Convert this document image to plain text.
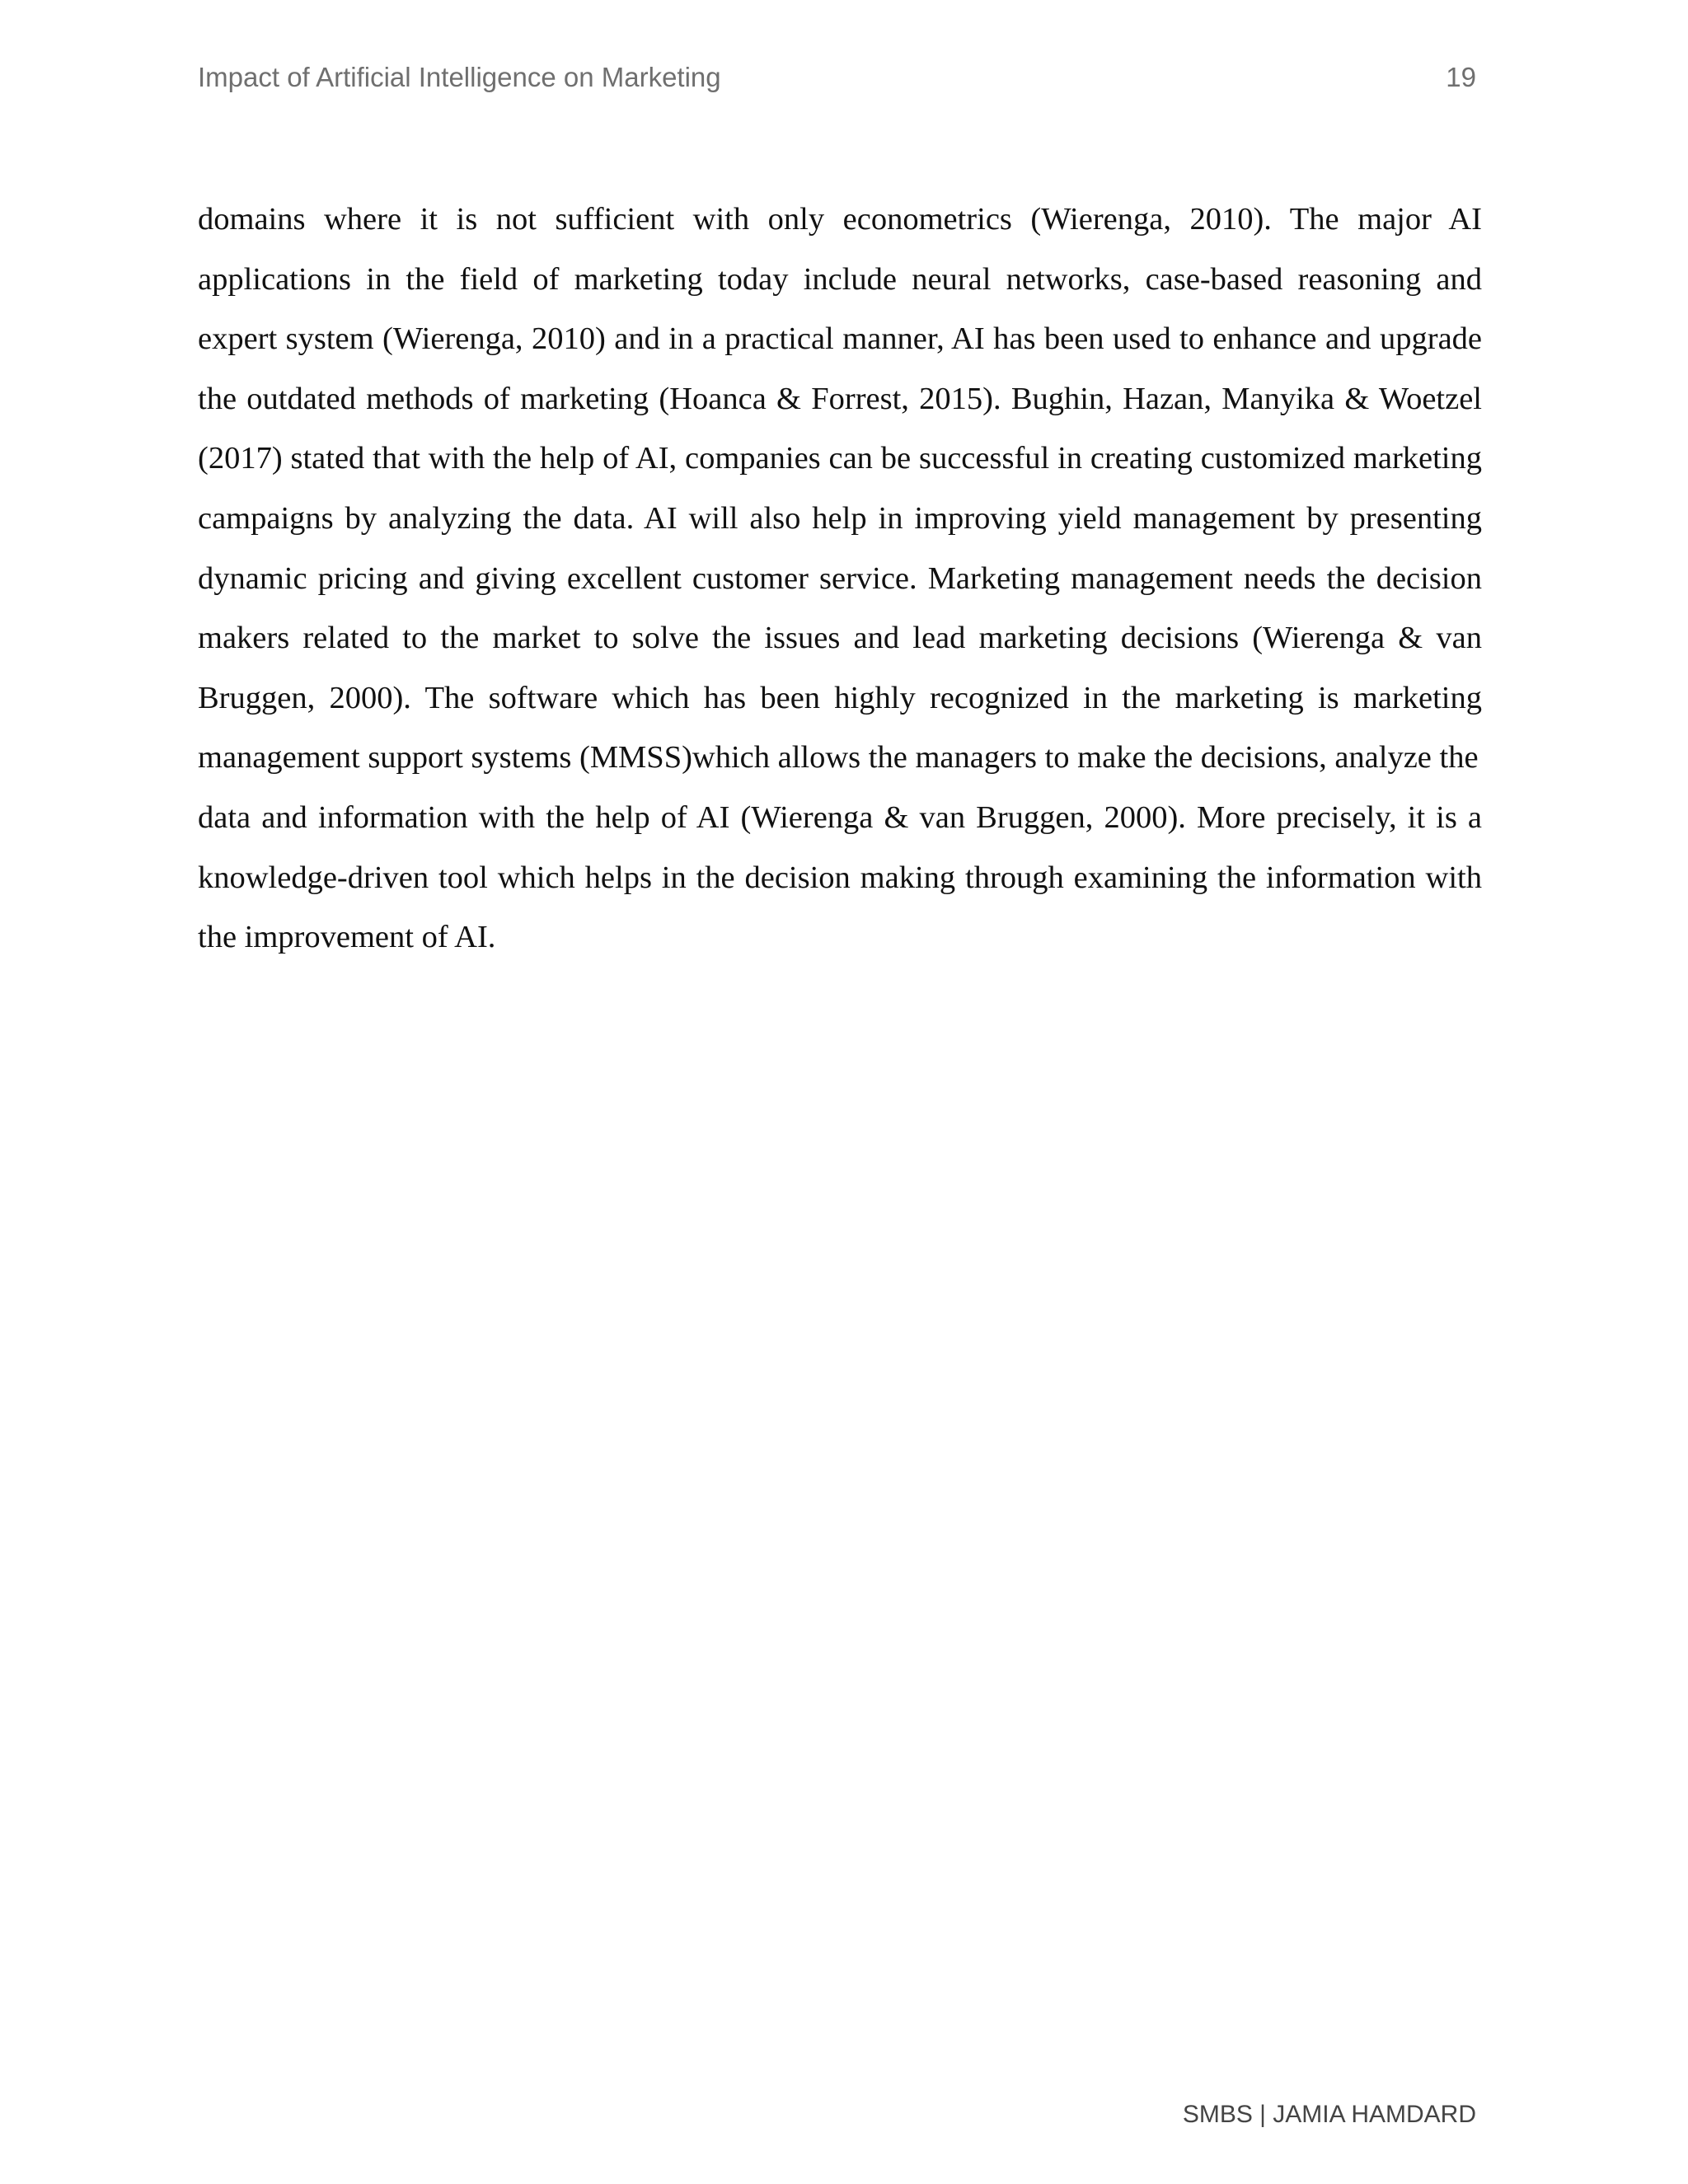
Impact of Artificial Intelligence on Marketing	19

domains where it is not sufficient with only econometrics (Wierenga, 2010). The major AI applications in the field of marketing today include neural networks, case-based reasoning and expert system (Wierenga, 2010) and in a practical manner, AI has been used to enhance and upgrade the outdated methods of marketing (Hoanca & Forrest, 2015). Bughin, Hazan, Manyika & Woetzel (2017) stated that with the help of AI, companies can be successful in creating customized marketing campaigns by analyzing the data. AI will also help in improving yield management by presenting dynamic pricing and giving excellent customer service. Marketing management needs the decision makers related to the market to solve the issues and lead marketing decisions (Wierenga & van Bruggen, 2000). The software which has been highly recognized in the marketing is marketing management support systems (MMSS)which allows the managers to make the decisions, analyze the

data and information with the help of AI (Wierenga & van Bruggen, 2000). More precisely, it is a knowledge-driven tool which helps in the decision making through examining the information with the improvement of AI.

SMBS | JAMIA HAMDARD
